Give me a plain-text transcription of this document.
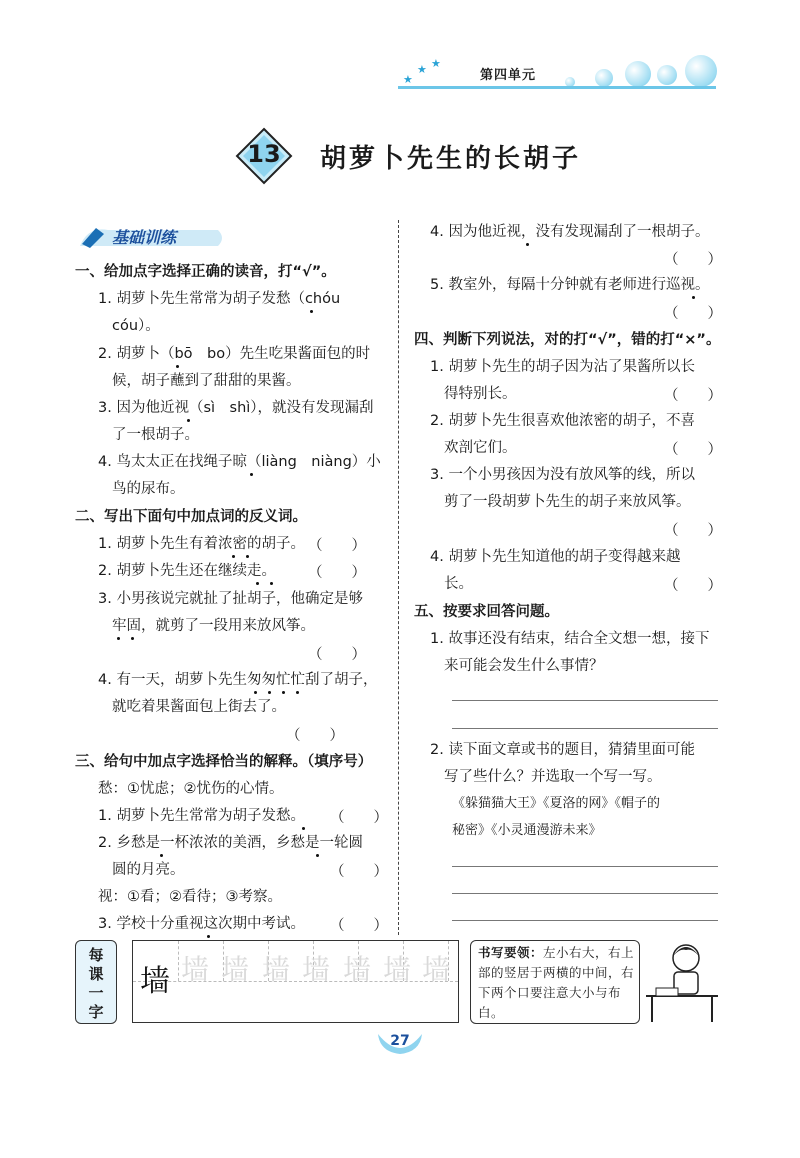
★
★ ★
第四单元
13	胡萝卜先生的长胡子
基础训练
一、给加点字选择正确的读音，打“√”。
1. 胡萝卜先生常常为胡子发愁（chóu
cóu）。
2. 胡萝卜（bō　bo）先生吃果酱面包的时
候，胡子蘸到了甜甜的果酱。
3. 因为他近视（sì　shì），就没有发现漏刮
了一根胡子。
4. 鸟太太正在找绳子晾（liàng　niàng）小
鸟的尿布。
二、写出下面句中加点词的反义词。
1. 胡萝卜先生有着浓密的胡子。 （　　）
2. 胡萝卜先生还在继续走。 （　　）
3. 小男孩说完就扯了扯胡子，他确定是够
牢固，就剪了一段用来放风筝。
（　　）
4. 有一天，胡萝卜先生匆匆忙忙刮了胡子，
就吃着果酱面包上街去了。
（　　）
三、给句中加点字选择恰当的解释。（填序号）
愁：①忧虑；②忧伤的心情。
1. 胡萝卜先生常常为胡子发愁。 （　　）
2. 乡愁是一杯浓浓的美酒，乡愁是一轮圆
圆的月亮。	（　　）
视：①看；②看待；③考察。
3. 学校十分重视这次期中考试。 （　　）
4. 因为他近视，没有发现漏刮了一根胡子。
（　　）
5. 教室外，每隔十分钟就有老师进行巡视。
（　　）
四、判断下列说法，对的打“√”，错的打“×”。
1. 胡萝卜先生的胡子因为沾了果酱所以长
得特别长。	（　　）
2. 胡萝卜先生很喜欢他浓密的胡子，不喜
欢剖它们。	（　　）
3. 一个小男孩因为没有放风筝的线，所以
剪了一段胡萝卜先生的胡子来放风筝。
（　　）
4. 胡萝卜先生知道他的胡子变得越来越
长。	（　　）
五、按要求回答问题。
1. 故事还没有结束，结合全文想一想，接下
来可能会发生什么事情？
2. 读下面文章或书的题目，猜猜里面可能
写了些什么？并选取一个写一写。
《躲猫猫大王》《夏洛的网》《帽子的
秘密》《小灵通漫游未来》
每
课
一
字
墙 墙 墙 墙 墙 墙 墙 墙
书写要领：左小右大，右上部的竖居于两横的中间，右下两个口要注意大小与布白。
27
